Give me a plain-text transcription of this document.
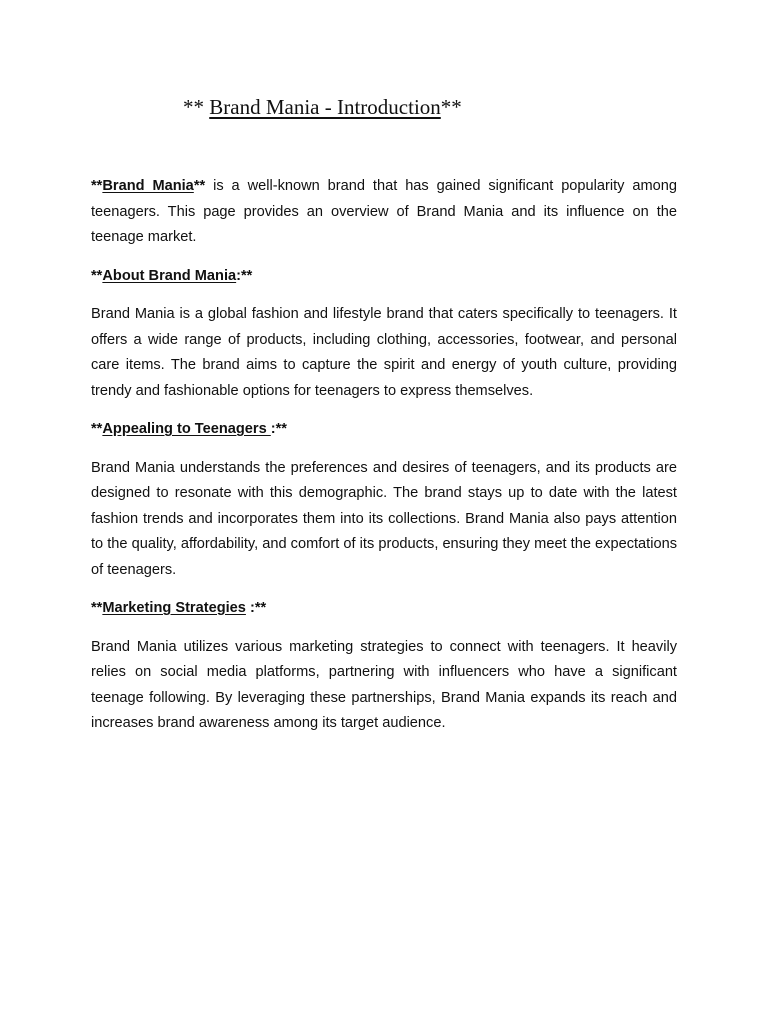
** Brand Mania - Introduction**

**Brand Mania** is a well-known brand that has gained significant popularity among teenagers. This page provides an overview of Brand Mania and its influence on the teenage market.

**About Brand Mania:**

Brand Mania is a global fashion and lifestyle brand that caters specifically to teenagers. It offers a wide range of products, including clothing, accessories, footwear, and personal care items. The brand aims to capture the spirit and energy of youth culture, providing trendy and fashionable options for teenagers to express themselves.

**Appealing to Teenagers :**

Brand Mania understands the preferences and desires of teenagers, and its products are designed to resonate with this demographic. The brand stays up to date with the latest fashion trends and incorporates them into its collections. Brand Mania also pays attention to the quality, affordability, and comfort of its products, ensuring they meet the expectations of teenagers.

**Marketing Strategies :**

Brand Mania utilizes various marketing strategies to connect with teenagers. It heavily relies on social media platforms, partnering with influencers who have a significant teenage following. By leveraging these partnerships, Brand Mania expands its reach and increases brand awareness among its target audience.
